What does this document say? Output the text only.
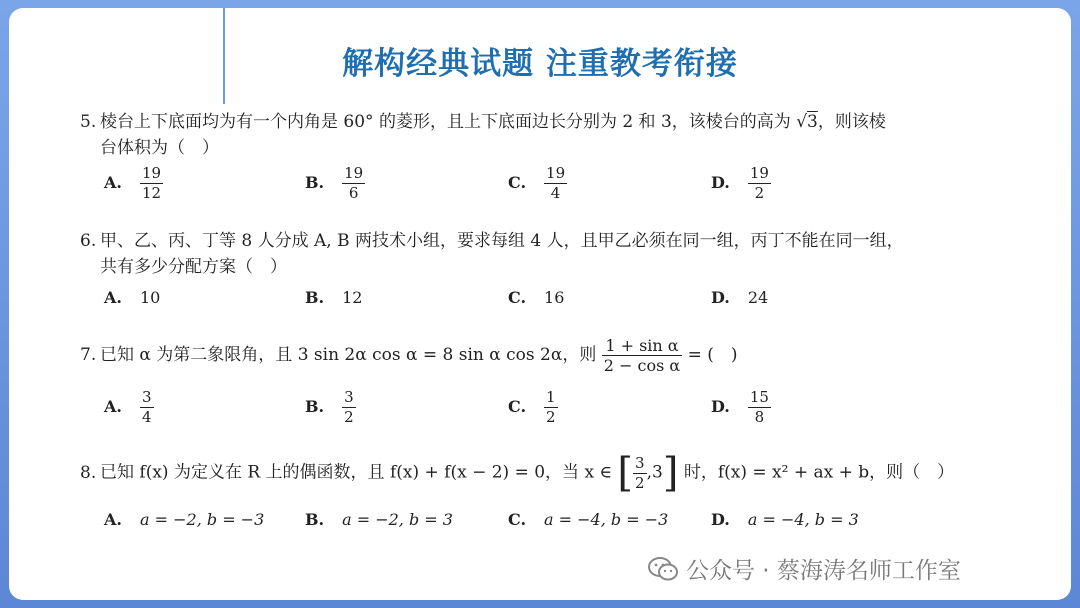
解构经典试题 注重教考衔接
5. 棱台上下底面均为有一个内角是 60° 的菱形，且上下底面边长分别为 2 和 3，该棱台的高为 √3，则该棱
台体积为（　）
A. $\frac{19}{12}$	B. $\frac{19}{6}$	C. $\frac{19}{4}$	D. $\frac{19}{2}$
6. 甲、乙、丙、丁等 8 人分成 A, B 两技术小组，要求每组 4 人，且甲乙必须在同一组，丙丁不能在同一组，
共有多少分配方案（　）
A. 10	B. 12	C. 16	D. 24
7. 已知 α 为第二象限角，且 3 sin 2α cos α = 8 sin α cos 2α，则 $\frac{\text{1 + sin α}}{\text{2 − cos α}}$ = (　)
A. $\frac{3}{4}$	B. $\frac{3}{2}$	C. $\frac{1}{2}$	D. $\frac{15}{8}$
8. 已知 f(x) 为定义在 R 上的偶函数，且 f(x) + f(x − 2) = 0，当 x ∈ [ $\frac{3}{2} ,3$] 时，f(x) = x² + ax + b，则（　）
A. a = −2, b = −3	B. a = −2, b = 3	C. a = −4, b = −3	D. a = −4, b = 3
公众号 · 蔡海涛名师工作室
